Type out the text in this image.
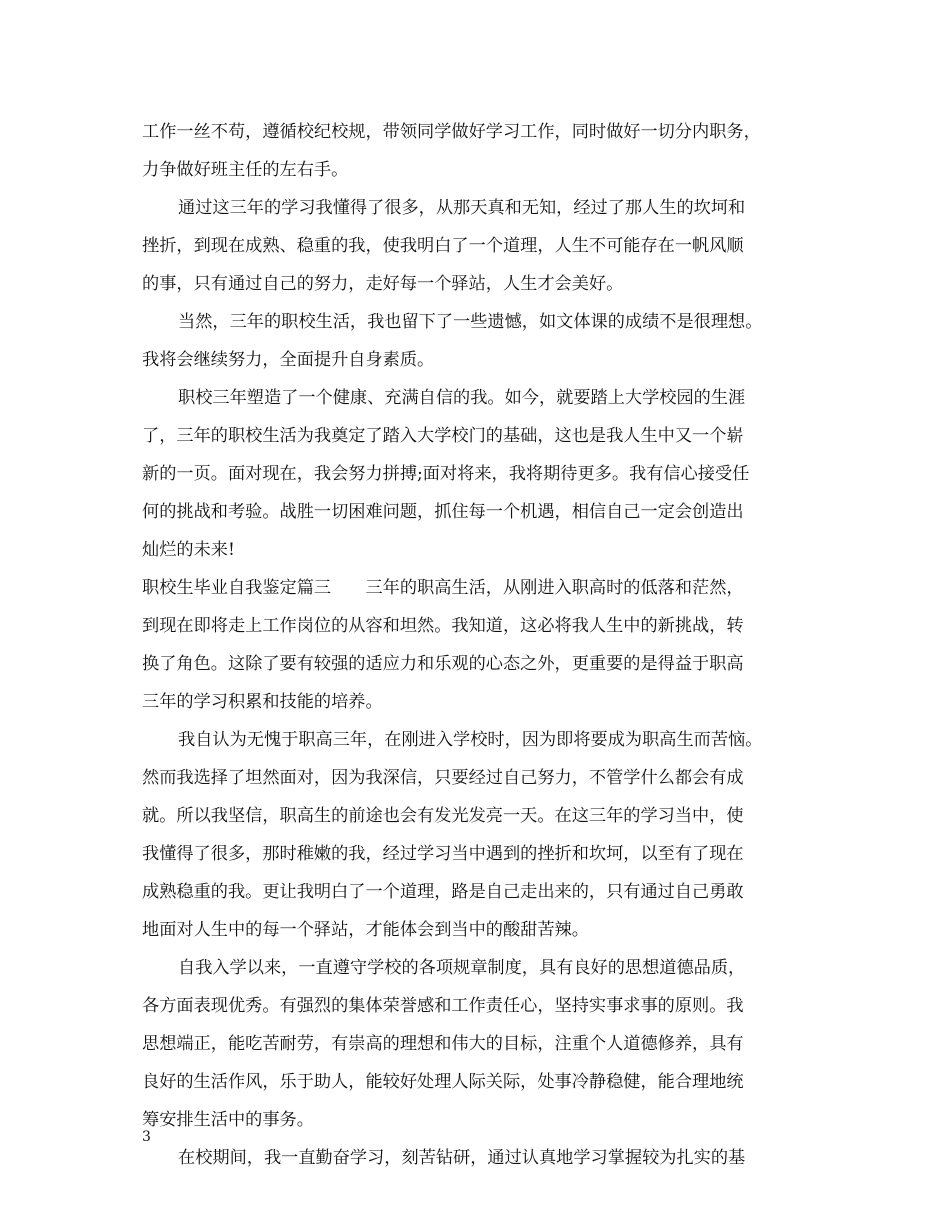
工作一丝不苟，遵循校纪校规，带领同学做好学习工作，同时做好一切分内职务，
力争做好班主任的左右手。
通过这三年的学习我懂得了很多，从那天真和无知，经过了那人生的坎坷和
挫折，到现在成熟、稳重的我，使我明白了一个道理，人生不可能存在一帆风顺
的事，只有通过自己的努力，走好每一个驿站，人生才会美好。
当然，三年的职校生活，我也留下了一些遗憾，如文体课的成绩不是很理想。
我将会继续努力，全面提升自身素质。
职校三年塑造了一个健康、充满自信的我。如今，就要踏上大学校园的生涯
了，三年的职校生活为我奠定了踏入大学校门的基础，这也是我人生中又一个崭
新的一页。面对现在，我会努力拼搏;面对将来，我将期待更多。我有信心接受任
何的挑战和考验。战胜一切困难问题，抓住每一个机遇，相信自己一定会创造出
灿烂的未来!
职校生毕业自我鉴定篇三　　三年的职高生活，从刚进入职高时的低落和茫然，
到现在即将走上工作岗位的从容和坦然。我知道，这必将我人生中的新挑战，转
换了角色。这除了要有较强的适应力和乐观的心态之外，更重要的是得益于职高
三年的学习积累和技能的培养。
我自认为无愧于职高三年，在刚进入学校时，因为即将要成为职高生而苦恼。
然而我选择了坦然面对，因为我深信，只要经过自己努力，不管学什么都会有成
就。所以我坚信，职高生的前途也会有发光发亮一天。在这三年的学习当中，使
我懂得了很多，那时稚嫩的我，经过学习当中遇到的挫折和坎坷，以至有了现在
成熟稳重的我。更让我明白了一个道理，路是自己走出来的，只有通过自己勇敢
地面对人生中的每一个驿站，才能体会到当中的酸甜苦辣。
自我入学以来，一直遵守学校的各项规章制度，具有良好的思想道德品质，
各方面表现优秀。有强烈的集体荣誉感和工作责任心，坚持实事求事的原则。我
思想端正，能吃苦耐劳，有崇高的理想和伟大的目标，注重个人道德修养，具有
良好的生活作风，乐于助人，能较好处理人际关际，处事冷静稳健，能合理地统
筹安排生活中的事务。
在校期间，我一直勤奋学习，刻苦钻研，通过认真地学习掌握较为扎实的基
3
